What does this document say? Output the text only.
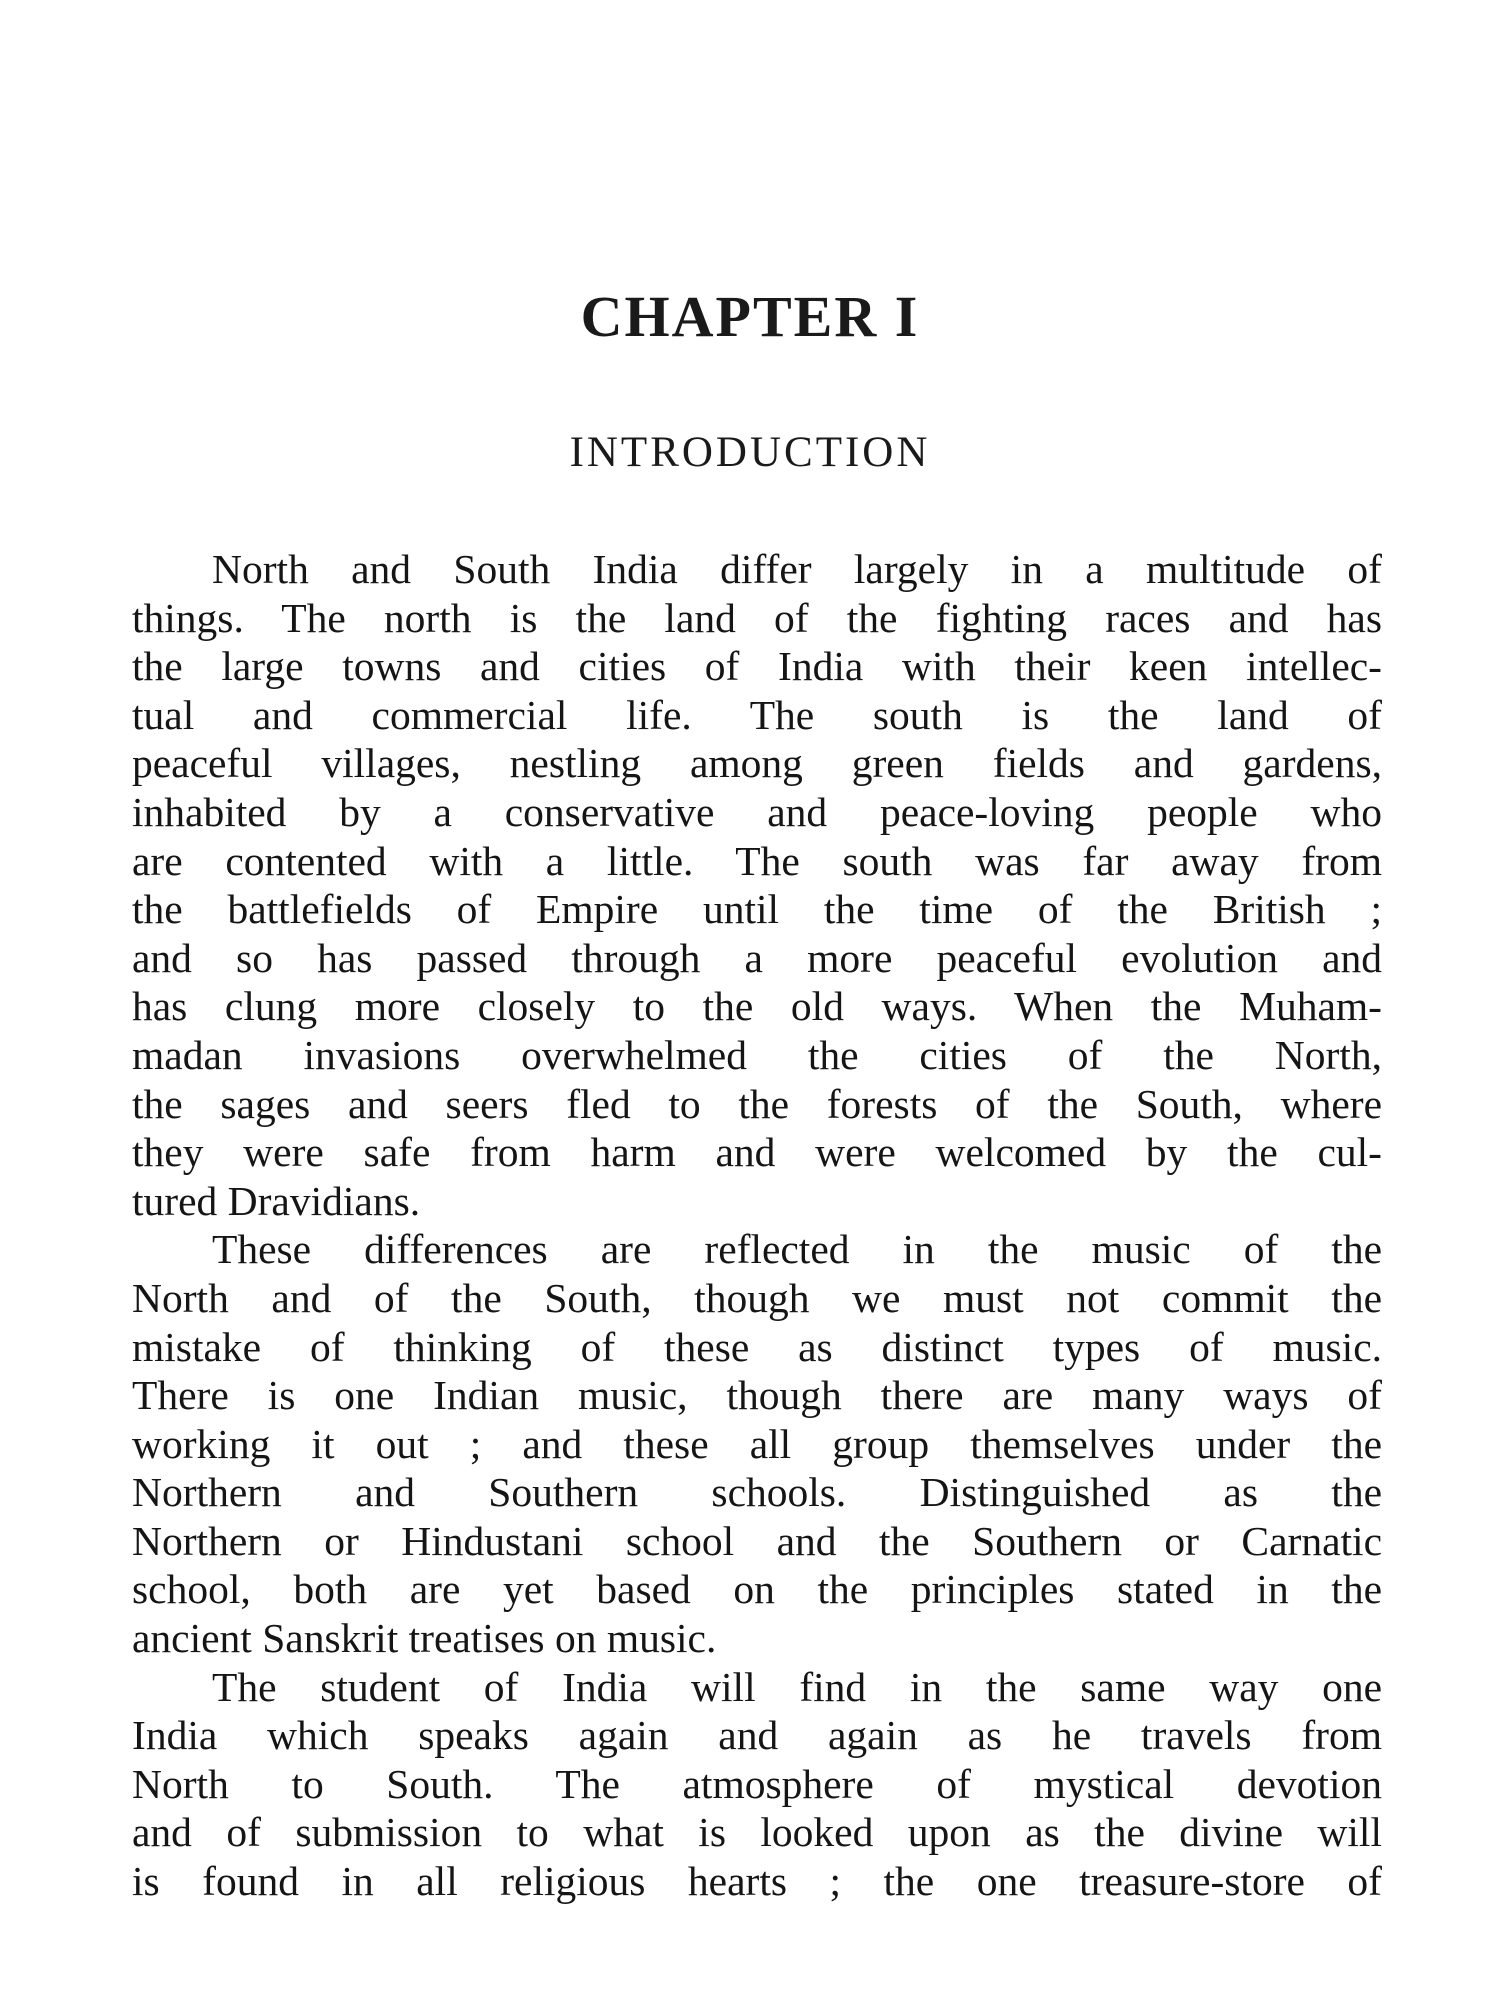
CHAPTER I
INTRODUCTION
North and South India differ largely in a multitude of
things. The north is the land of the fighting races and has
the large towns and cities of India with their keen intellec-
tual and commercial life. The south is the land of
peaceful villages, nestling among green fields and gardens,
inhabited by a conservative and peace-loving people who
are contented with a little. The south was far away from
the battlefields of Empire until the time of the British ;
and so has passed through a more peaceful evolution and
has clung more closely to the old ways. When the Muham-
madan invasions overwhelmed the cities of the North,
the sages and seers fled to the forests of the South, where
they were safe from harm and were welcomed by the cul-
tured Dravidians.
These differences are reflected in the music of the
North and of the South, though we must not commit the
mistake of thinking of these as distinct types of music.
There is one Indian music, though there are many ways of
working it out ; and these all group themselves under the
Northern and Southern schools. Distinguished as the
Northern or Hindustani school and the Southern or Carnatic
school, both are yet based on the principles stated in the
ancient Sanskrit treatises on music.
The student of India will find in the same way one
India which speaks again and again as he travels from
North to South. The atmosphere of mystical devotion
and of submission to what is looked upon as the divine will
is found in all religious hearts ; the one treasure-store of
